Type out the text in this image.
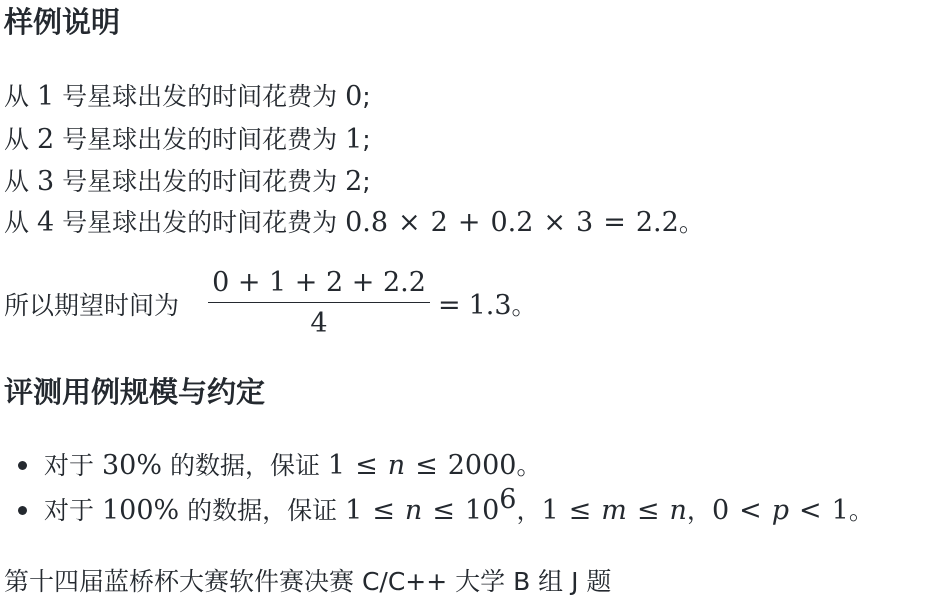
样例说明
从 1 号星球出发的时间花费为 0;
从 2 号星球出发的时间花费为 1;
从 3 号星球出发的时间花费为 2;
从 4 号星球出发的时间花费为 0.8 × 2 + 0.2 × 3 = 2.2。
所以期望时间为
0 + 1 + 2 + 2.2
4
= 1.3。
评测用例规模与约定
对于 30% 的数据，保证 1 ≤ n ≤ 2000。
对于 100% 的数据，保证 $1 \le n \le 10^6$，1 ≤ m ≤ n，0 < p < 1。
第十四届蓝桥杯大赛软件赛决赛 C/C++ 大学 B 组 J 题
